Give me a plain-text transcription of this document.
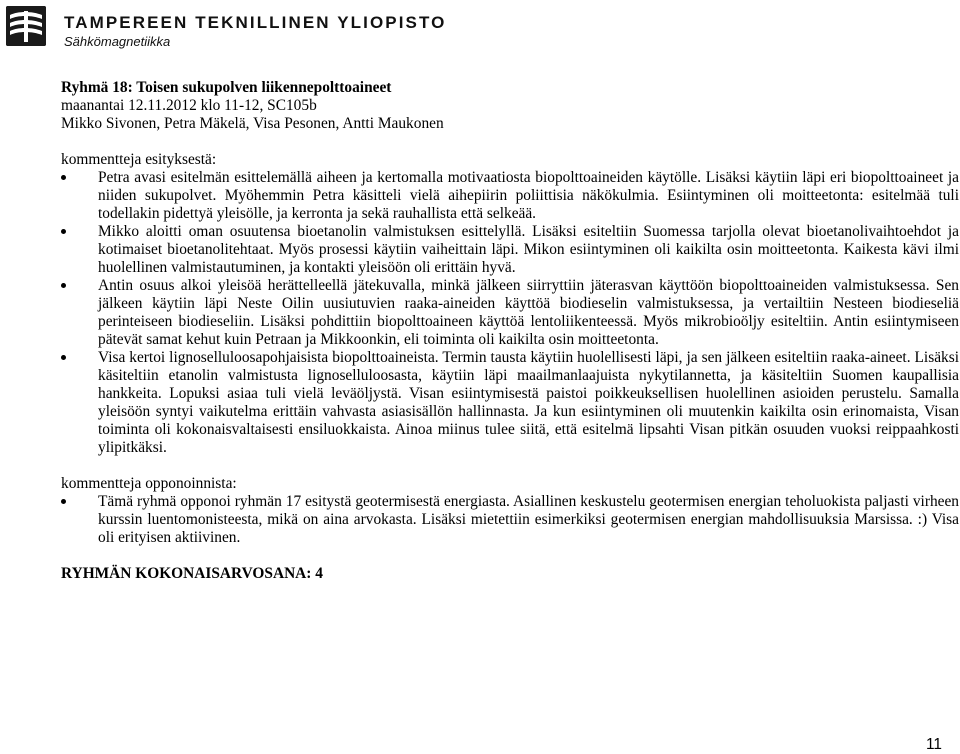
TAMPEREEN TEKNILLINEN YLIOPISTO
Sähkömagnetiikka
Ryhmä 18: Toisen sukupolven liikennepolttoaineet
maanantai 12.11.2012 klo 11-12, SC105b
Mikko Sivonen, Petra Mäkelä, Visa Pesonen, Antti Maukonen
kommentteja esityksestä:
Petra avasi esitelmän esittelemällä aiheen ja kertomalla motivaatiosta biopolttoaineiden käytölle. Lisäksi käytiin läpi eri biopolttoaineet ja niiden sukupolvet. Myöhemmin Petra käsitteli vielä aihepiirin poliittisia näkökulmia. Esiintyminen oli moitteetonta: esitelmää tuli todellakin pidettyä yleisölle, ja kerronta ja sekä rauhallista että selkeää.
Mikko aloitti oman osuutensa bioetanolin valmistuksen esittelyllä. Lisäksi esiteltiin Suomessa tarjolla olevat bioetanolivaihtoehdot ja kotimaiset bioetanolitehtaat. Myös prosessi käytiin vaiheittain läpi. Mikon esiintyminen oli kaikilta osin moitteetonta. Kaikesta kävi ilmi huolellinen valmistautuminen, ja kontakti yleisöön oli erittäin hyvä.
Antin osuus alkoi yleisöä herättelleellä jätekuvalla, minkä jälkeen siirryttiin jäterasvan käyttöön biopolttoaineiden valmistuksessa. Sen jälkeen käytiin läpi Neste Oilin uusiutuvien raaka-aineiden käyttöä biodieselin valmistuksessa, ja vertailtiin Nesteen biodieseliä perinteiseen biodieseliin. Lisäksi pohdittiin biopolttoaineen käyttöä lentoliikenteessä. Myös mikrobioöljy esiteltiin. Antin esiintymiseen pätevät samat kehut kuin Petraan ja Mikkoonkin, eli toiminta oli kaikilta osin moitteetonta.
Visa kertoi lignoselluloosapohjaisista biopolttoaineista. Termin tausta käytiin huolellisesti läpi, ja sen jälkeen esiteltiin raaka-aineet. Lisäksi käsiteltiin etanolin valmistusta lignoselluloosasta, käytiin läpi maailmanlaajuista nykytilannetta, ja käsiteltiin Suomen kaupallisia hankkeita. Lopuksi asiaa tuli vielä leväöljystä. Visan esiintymisestä paistoi poikkeuksellisen huolellinen asioiden perustelu. Samalla yleisöön syntyi vaikutelma erittäin vahvasta asiasisällön hallinnasta. Ja kun esiintyminen oli muutenkin kaikilta osin erinomaista, Visan toiminta oli kokonaisvaltaisesti ensiluokkaista. Ainoa miinus tulee siitä, että esitelmä lipsahti Visan pitkän osuuden vuoksi reippaahkosti ylipitkäksi.
kommentteja opponoinnista:
Tämä ryhmä opponoi ryhmän 17 esitystä geotermisestä energiasta. Asiallinen keskustelu geotermisen energian teholuokista paljasti virheen kurssin luentomonisteesta, mikä on aina arvokasta. Lisäksi mietettiin esimerkiksi geotermisen energian mahdollisuuksia Marsissa. :) Visa oli erityisen aktiivinen.
RYHMÄN KOKONAISARVOSANA: 4
11
